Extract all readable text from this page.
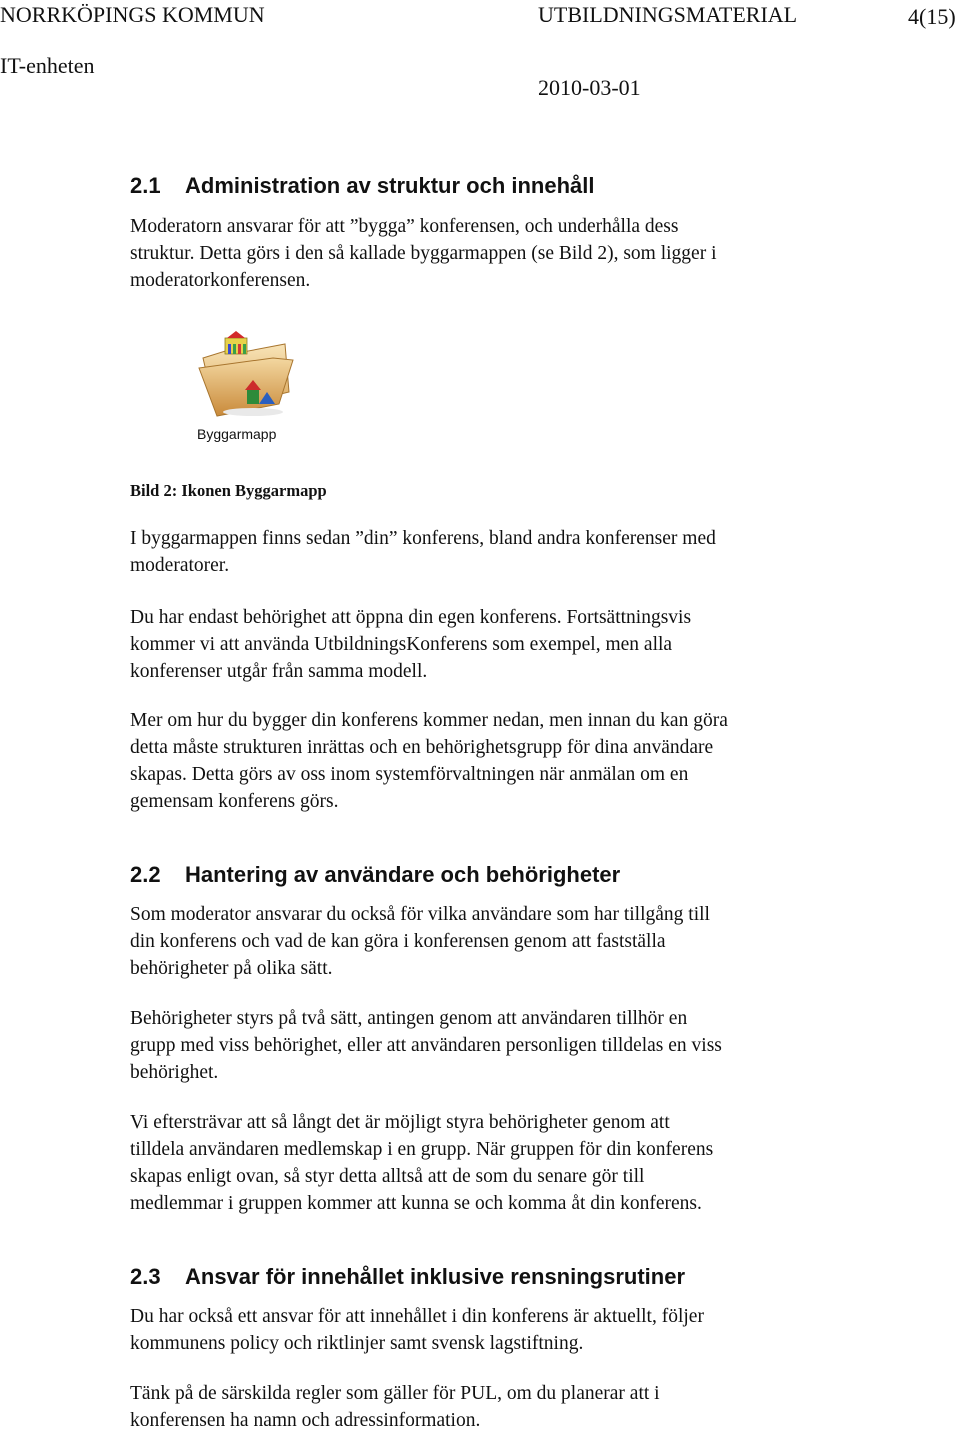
NORRKÖPINGS KOMMUN	UTBILDNINGSMATERIAL	4(15)
IT-enheten
2010-03-01
2.1 Administration av struktur och innehåll
Moderatorn ansvarar för att ”bygga” konferensen, och underhålla dess
struktur. Detta görs i den så kallade byggarmappen (se Bild 2), som ligger i
moderatorkonferensen.
Byggarmapp
Bild 2: Ikonen Byggarmapp
I byggarmappen finns sedan ”din” konferens, bland andra konferenser med
moderatorer.
Du har endast behörighet att öppna din egen konferens. Fortsättningsvis
kommer vi att använda UtbildningsKonferens som exempel, men alla
konferenser utgår från samma modell.
Mer om hur du bygger din konferens kommer nedan, men innan du kan göra
detta måste strukturen inrättas och en behörighetsgrupp för dina användare
skapas. Detta görs av oss inom systemförvaltningen när anmälan om en
gemensam konferens görs.
2.2 Hantering av användare och behörigheter
Som moderator ansvarar du också för vilka användare som har tillgång till
din konferens och vad de kan göra i konferensen genom att fastställa
behörigheter på olika sätt.
Behörigheter styrs på två sätt, antingen genom att användaren tillhör en
grupp med viss behörighet, eller att användaren personligen tilldelas en viss
behörighet.
Vi eftersträvar att så långt det är möjligt styra behörigheter genom att
tilldela användaren medlemskap i en grupp. När gruppen för din konferens
skapas enligt ovan, så styr detta alltså att de som du senare gör till
medlemmar i gruppen kommer att kunna se och komma åt din konferens.
2.3 Ansvar för innehållet inklusive rensningsrutiner
Du har också ett ansvar för att innehållet i din konferens är aktuellt, följer
kommunens policy och riktlinjer samt svensk lagstiftning.
Tänk på de särskilda regler som gäller för PUL, om du planerar att i
konferensen ha namn och adressinformation.
